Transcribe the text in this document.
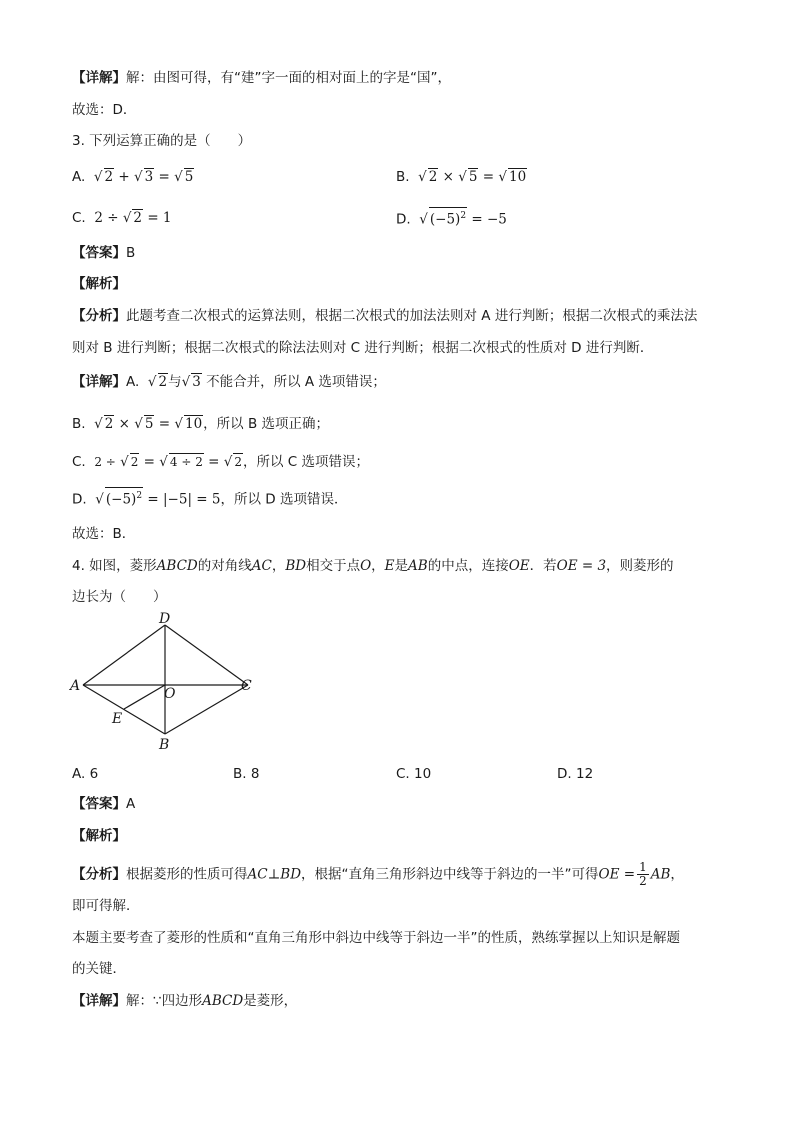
【详解】解：由图可得，有“建”字一面的相对面上的字是“国”，
故选：D．
3. 下列运算正确的是（　　）
A. √ 2 + √ 3 = √ 5	B. √ 2 × √ 5 = √ 10
C. 2 ÷ √ 2 = 1	D. √ $(-5)^2 = -5$
【答案】B
【解析】
【分析】此题考查二次根式的运算法则，根据二次根式的加法法则对 A 进行判断；根据二次根式的乘法法
则对 B 进行判断；根据二次根式的除法法则对 C 进行判断；根据二次根式的性质对 D 进行判断．
【详解】A. √ 2与√ 3 不能合并，所以 A 选项错误；
B. √ 2 × √ 5 = √ 10，所以 B 选项正确；
C. 2 ÷ √ 2 = √ 4 ÷ 2 = √ 2，所以 C 选项错误；
D. √ $(-5)^2 = |-5| = 5$，所以 D 选项错误．
故选：B．
4. 如图，菱形ABCD的对角线AC，BD相交于点O，E是AB的中点，连接OE．若OE = 3，则菱形的
边长为（　　）
A
B
C
D
O
E
A. 6	B. 8	C. 10	D. 12
【答案】A
【解析】
【分析】根据菱形的性质可得AC⊥BD，根据“直角三角形斜边中线等于斜边的一半”可得OE = $\frac{1}{2}$ AB，
即可得解．
本题主要考查了菱形的性质和“直角三角形中斜边中线等于斜边一半”的性质，熟练掌握以上知识是解题
的关键．
【详解】解：∵四边形ABCD是菱形，
